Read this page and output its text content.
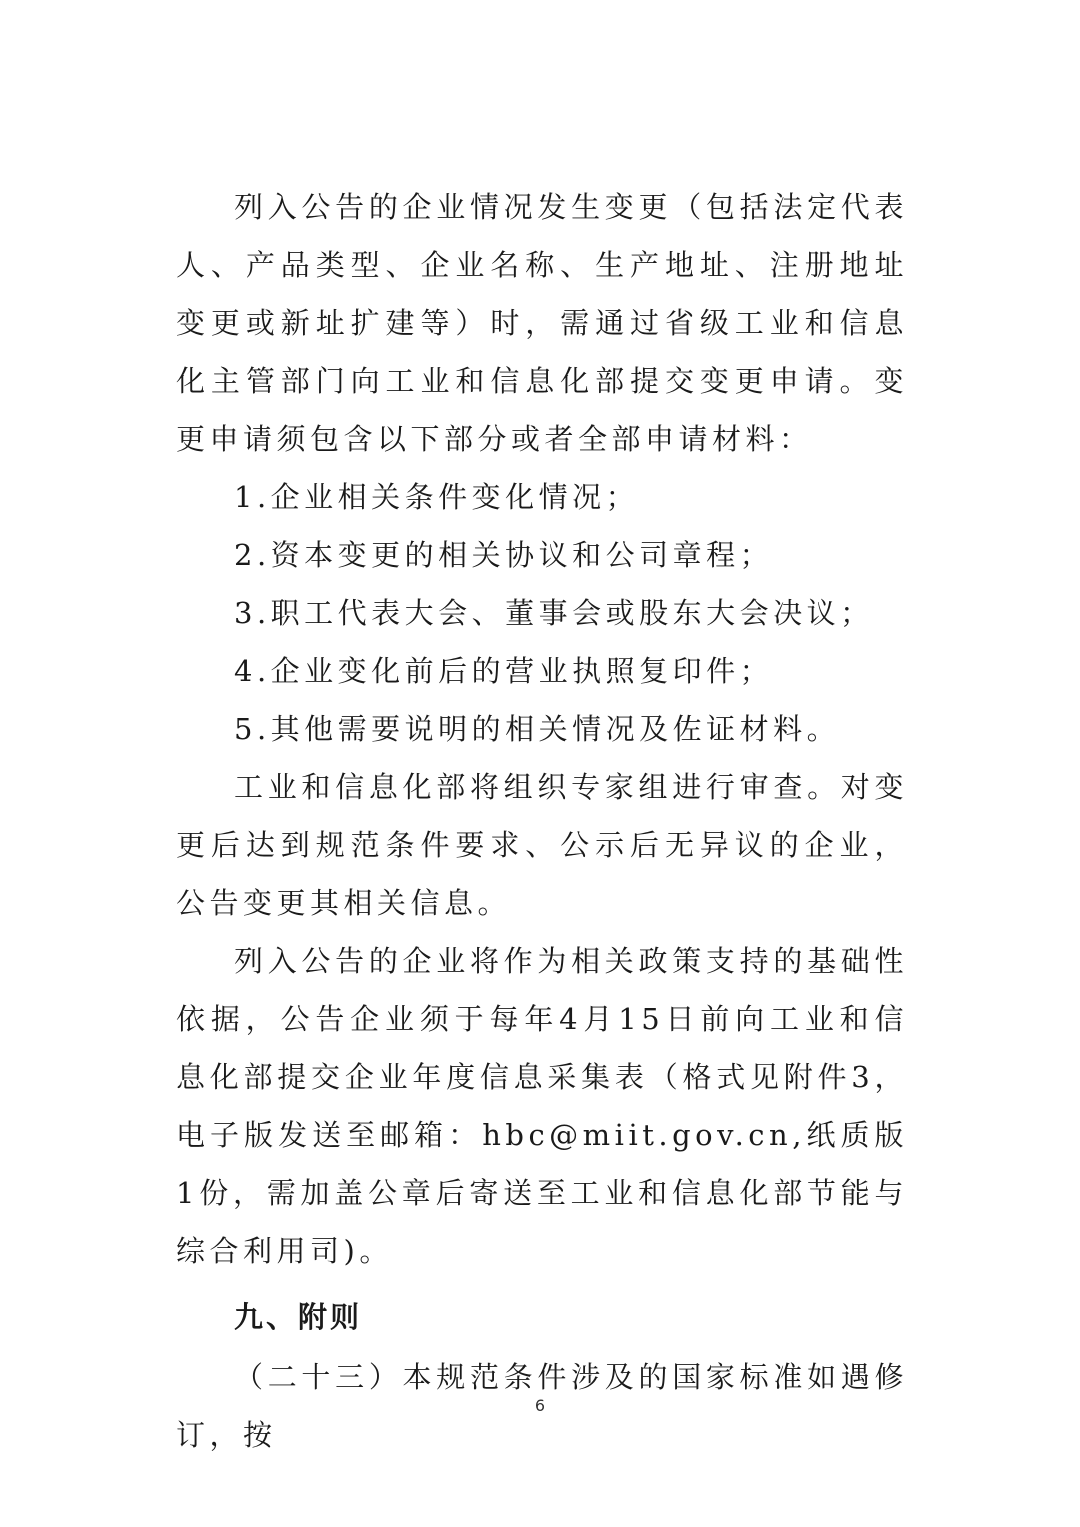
列入公告的企业情况发生变更（包括法定代表人、产品类型、企业名称、生产地址、注册地址变更或新址扩建等）时，需通过省级工业和信息化主管部门向工业和信息化部提交变更申请。变更申请须包含以下部分或者全部申请材料：

1.企业相关条件变化情况；

2.资本变更的相关协议和公司章程；

3.职工代表大会、董事会或股东大会决议；

4.企业变化前后的营业执照复印件；

5.其他需要说明的相关情况及佐证材料。

工业和信息化部将组织专家组进行审查。对变更后达到规范条件要求、公示后无异议的企业，公告变更其相关信息。

列入公告的企业将作为相关政策支持的基础性依据，公告企业须于每年4月15日前向工业和信息化部提交企业年度信息采集表（格式见附件3，电子版发送至邮箱：hbc@miit.gov.cn,纸质版1份，需加盖公章后寄送至工业和信息化部节能与综合利用司)。

九、附则

（二十三）本规范条件涉及的国家标准如遇修订，按

6
